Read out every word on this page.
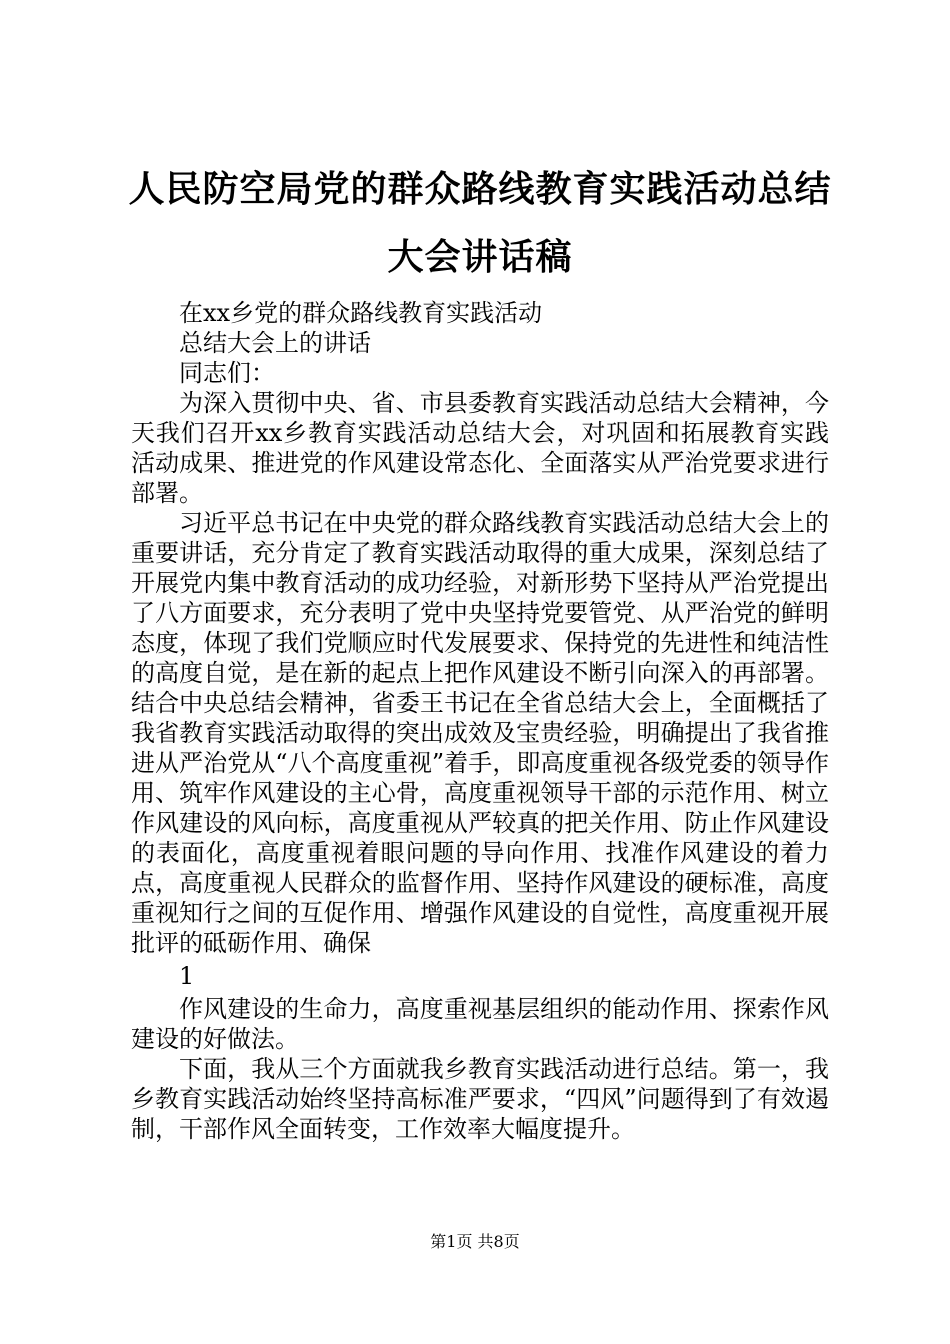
人民防空局党的群众路线教育实践活动总结大会讲话稿

在xx乡党的群众路线教育实践活动

总结大会上的讲话

同志们：

为深入贯彻中央、省、市县委教育实践活动总结大会精神，今天我们召开xx乡教育实践活动总结大会，对巩固和拓展教育实践活动成果、推进党的作风建设常态化、全面落实从严治党要求进行部署。

习近平总书记在中央党的群众路线教育实践活动总结大会上的重要讲话，充分肯定了教育实践活动取得的重大成果，深刻总结了开展党内集中教育活动的成功经验，对新形势下坚持从严治党提出了八方面要求，充分表明了党中央坚持党要管党、从严治党的鲜明态度，体现了我们党顺应时代发展要求、保持党的先进性和纯洁性的高度自觉，是在新的起点上把作风建设不断引向深入的再部署。结合中央总结会精神，省委王书记在全省总结大会上，全面概括了我省教育实践活动取得的突出成效及宝贵经验，明确提出了我省推进从严治党从“八个高度重视”着手，即高度重视各级党委的领导作用、筑牢作风建设的主心骨，高度重视领导干部的示范作用、树立作风建设的风向标，高度重视从严较真的把关作用、防止作风建设的表面化，高度重视着眼问题的导向作用、找准作风建设的着力点，高度重视人民群众的监督作用、坚持作风建设的硬标准，高度重视知行之间的互促作用、增强作风建设的自觉性，高度重视开展批评的砥砺作用、确保

1

作风建设的生命力，高度重视基层组织的能动作用、探索作风建设的好做法。

下面，我从三个方面就我乡教育实践活动进行总结。第一，我乡教育实践活动始终坚持高标准严要求，“四风”问题得到了有效遏制，干部作风全面转变，工作效率大幅度提升。

第1页 共8页
